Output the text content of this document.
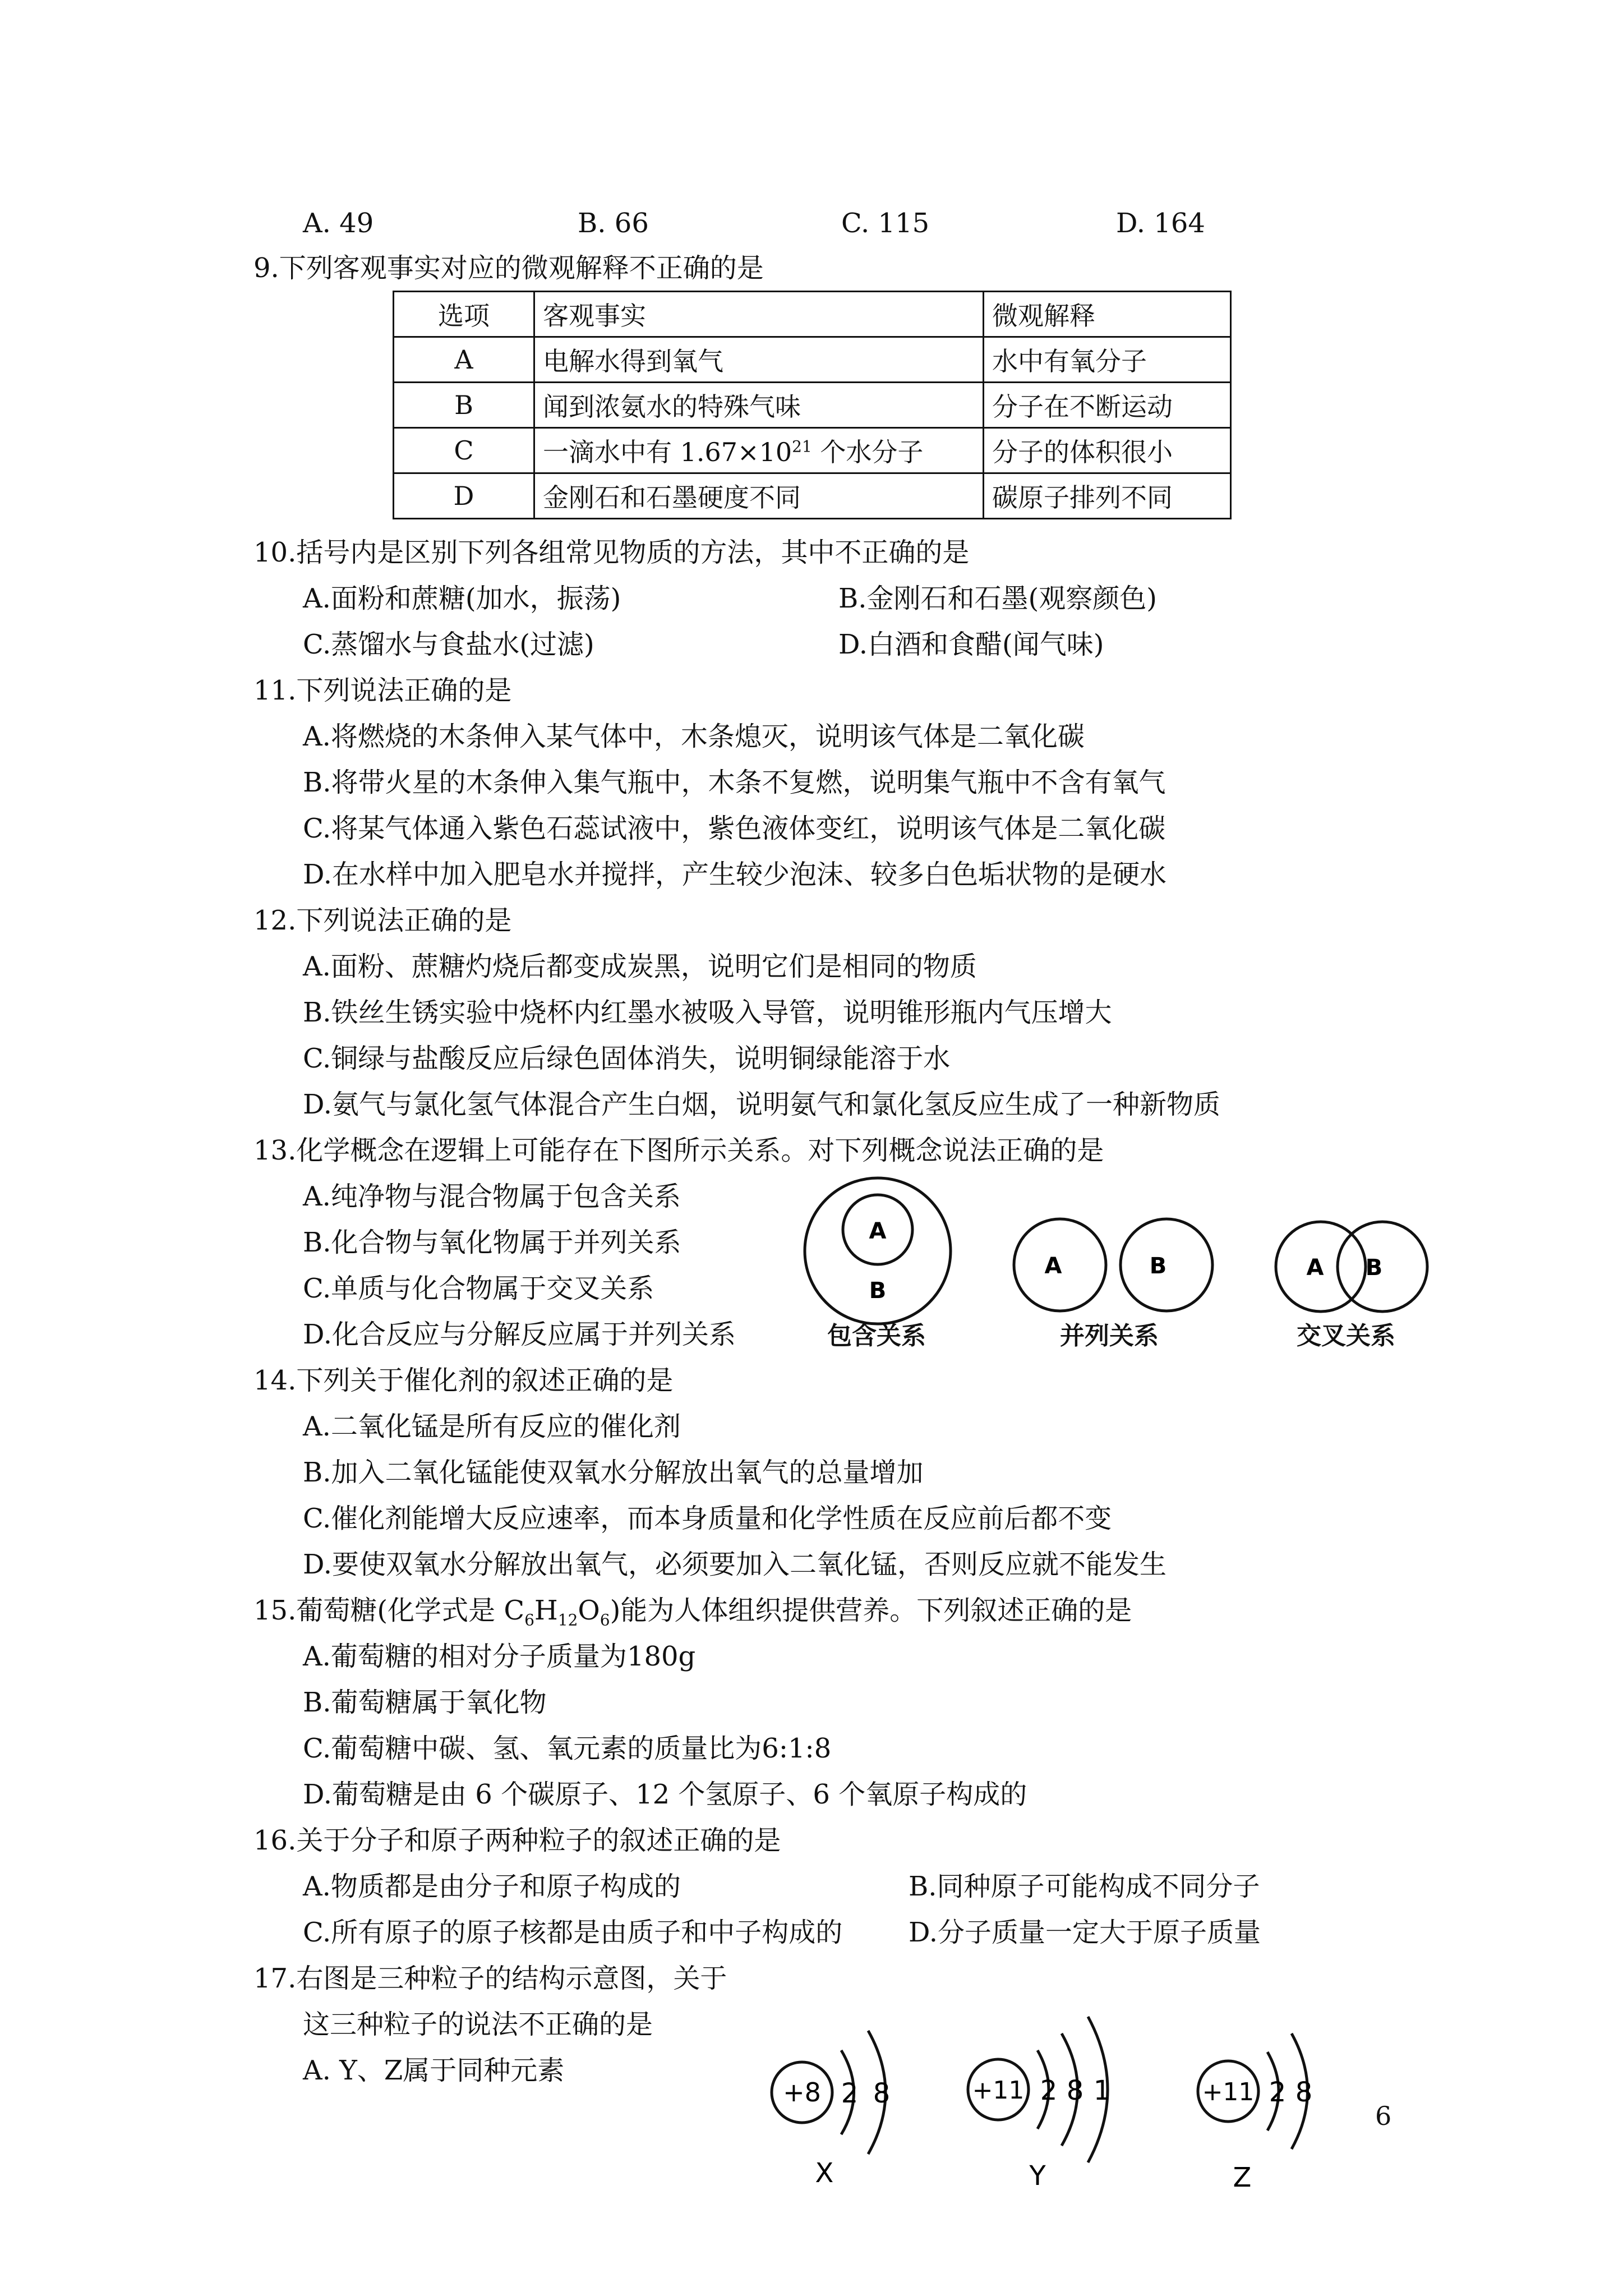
A. 49	B. 66	C. 115	D. 164
9.下列客观事实对应的微观解释不正确的是
选项	客观事实	微观解释
A	电解水得到氧气	水中有氧分子
B	闻到浓氨水的特殊气味	分子在不断运动
C	一滴水中有 $1.67\times 10^{21}$ 个水分子	分子的体积很小
D	金刚石和石墨硬度不同	碳原子排列不同
10.括号内是区别下列各组常见物质的方法，其中不正确的是
A.面粉和蔗糖(加水，振荡)	B.金刚石和石墨(观察颜色)
C.蒸馏水与食盐水(过滤)	D.白酒和食醋(闻气味)
11.下列说法正确的是
A.将燃烧的木条伸入某气体中，木条熄灭，说明该气体是二氧化碳
B.将带火星的木条伸入集气瓶中，木条不复燃，说明集气瓶中不含有氧气
C.将某气体通入紫色石蕊试液中，紫色液体变红，说明该气体是二氧化碳
D.在水样中加入肥皂水并搅拌，产生较少泡沫、较多白色垢状物的是硬水
12.下列说法正确的是
A.面粉、蔗糖灼烧后都变成炭黑，说明它们是相同的物质
B.铁丝生锈实验中烧杯内红墨水被吸入导管，说明锥形瓶内气压增大
C.铜绿与盐酸反应后绿色固体消失，说明铜绿能溶于水
D.氨气与氯化氢气体混合产生白烟，说明氨气和氯化氢反应生成了一种新物质
13.化学概念在逻辑上可能存在下图所示关系。对下列概念说法正确的是
A.纯净物与混合物属于包含关系
B.化合物与氧化物属于并列关系
C.单质与化合物属于交叉关系
D.化合反应与分解反应属于并列关系
A
B
A	B	A B
包含关系	并列关系	交叉关系
14.下列关于催化剂的叙述正确的是
A.二氧化锰是所有反应的催化剂
B.加入二氧化锰能使双氧水分解放出氧气的总量增加
C.催化剂能增大反应速率，而本身质量和化学性质在反应前后都不变
D.要使双氧水分解放出氧气，必须要加入二氧化锰，否则反应就不能发生
15.葡萄糖(化学式是 $C_6H_{12}O_6$)能为人体组织提供营养。下列叙述正确的是
A.葡萄糖的相对分子质量为180g
B.葡萄糖属于氧化物
C.葡萄糖中碳、氢、氧元素的质量比为6:1:8
D.葡萄糖是由 6 个碳原子、12 个氢原子、6 个氧原子构成的
16.关于分子和原子两种粒子的叙述正确的是
A.物质都是由分子和原子构成的	B.同种原子可能构成不同分子
C.所有原子的原子核都是由质子和中子构成的 D.分子质量一定大于原子质量
17.右图是三种粒子的结构示意图，关于
这三种粒子的说法不正确的是
A. Y、Z属于同种元素
+8 2 8
X
+11 2 8 1
Y
+11 2 8
Z
6
